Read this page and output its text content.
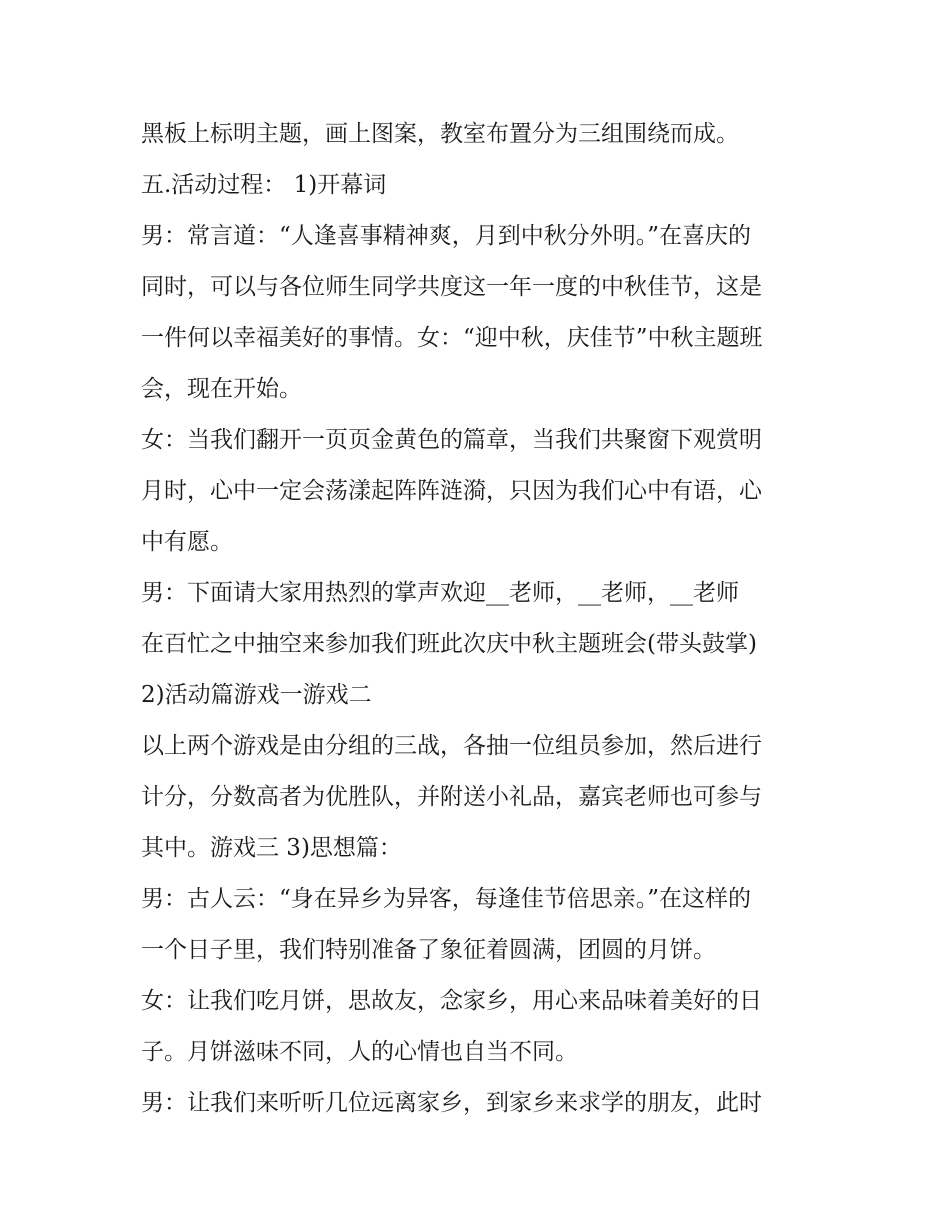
黑板上标明主题，画上图案，教室布置分为三组围绕而成。
五.活动过程： 1)开幕词
男：常言道：“人逢喜事精神爽，月到中秋分外明。”在喜庆的
同时，可以与各位师生同学共度这一年一度的中秋佳节，这是
一件何以幸福美好的事情。女：“迎中秋，庆佳节”中秋主题班
会，现在开始。
女：当我们翻开一页页金黄色的篇章，当我们共聚窗下观赏明
月时，心中一定会荡漾起阵阵涟漪，只因为我们心中有语，心
中有愿。
男：下面请大家用热烈的掌声欢迎__老师，__老师，__老师
在百忙之中抽空来参加我们班此次庆中秋主题班会(带头鼓掌)
2)活动篇游戏一游戏二
以上两个游戏是由分组的三战，各抽一位组员参加，然后进行
计分，分数高者为优胜队，并附送小礼品，嘉宾老师也可参与
其中。游戏三 3)思想篇：
男：古人云：“身在异乡为异客，每逢佳节倍思亲。”在这样的
一个日子里，我们特别准备了象征着圆满，团圆的月饼。
女：让我们吃月饼，思故友，念家乡，用心来品味着美好的日
子。月饼滋味不同，人的心情也自当不同。
男：让我们来听听几位远离家乡，到家乡来求学的朋友，此时
